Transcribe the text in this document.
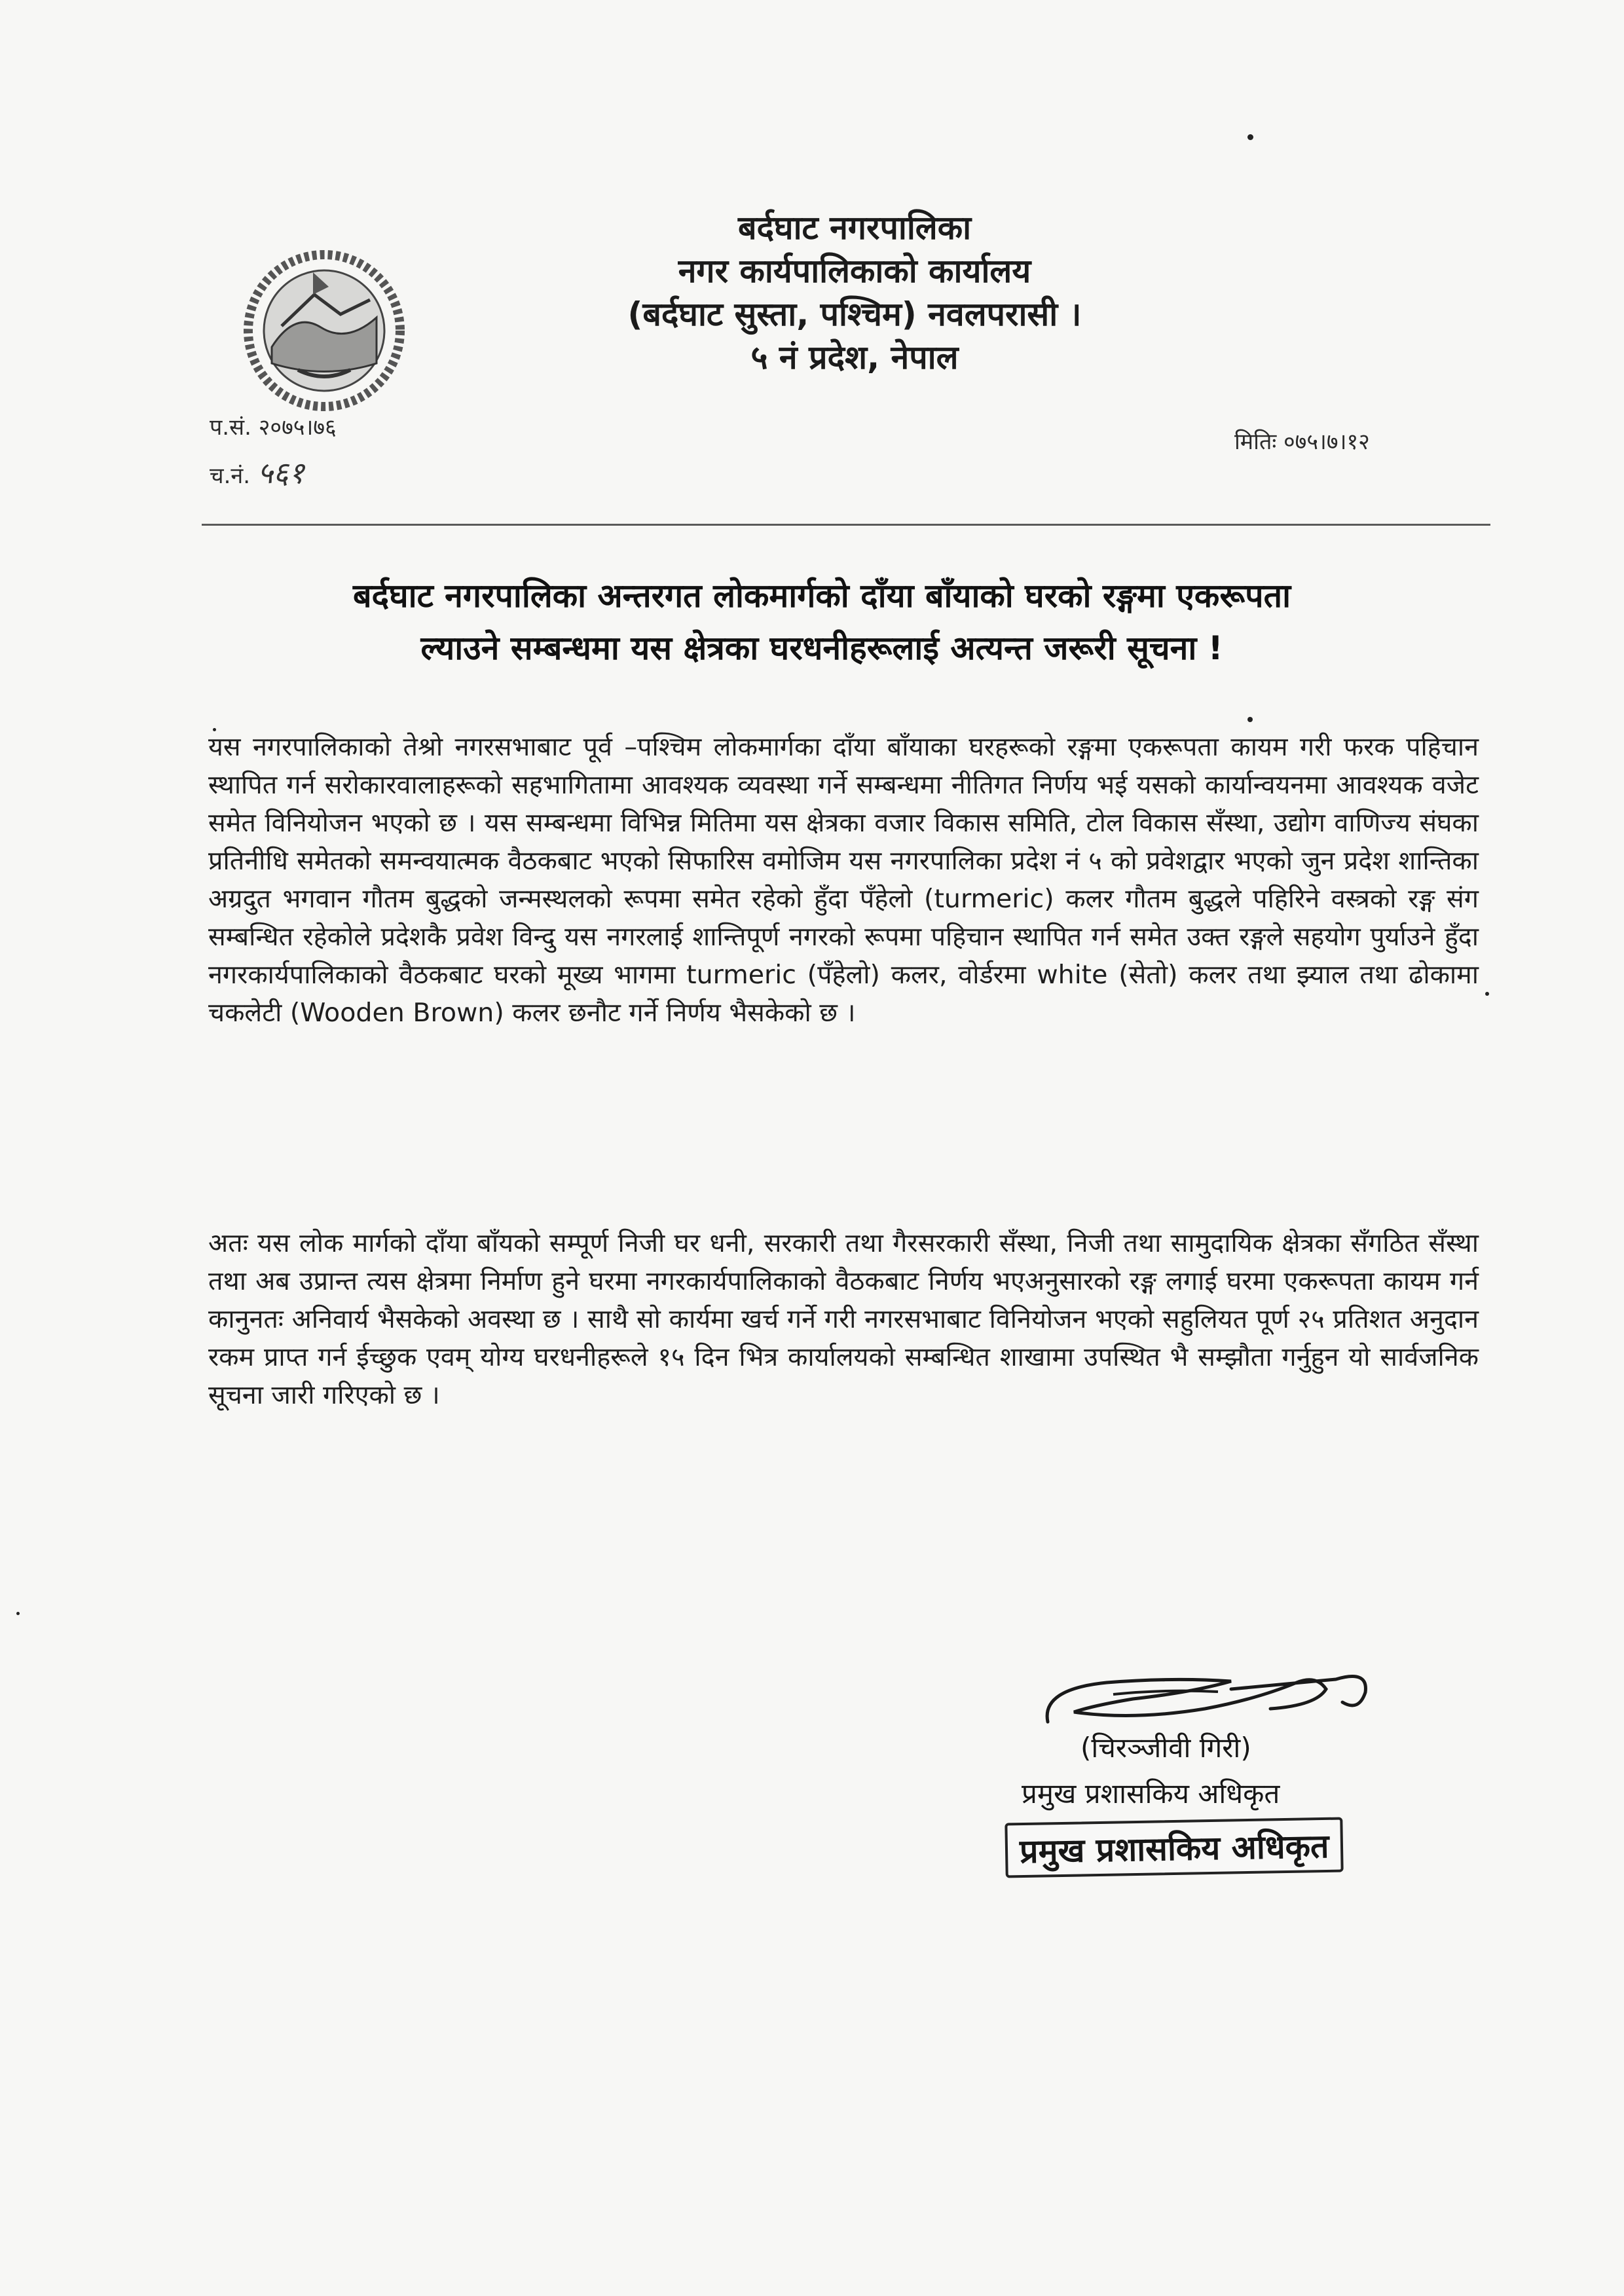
बर्दघाट नगरपालिका
नगर कार्यपालिकाको कार्यालय
(बर्दघाट सुस्ता, पश्चिम) नवलपरासी ।
५ नं प्रदेश, नेपाल
प.सं. २०७५।७६
च.नं. ५६१
मितिः ०७५।७।१२
बर्दघाट नगरपालिका अन्तरगत लोकमार्गको दाँया बाँयाको घरको रङ्गमा एकरूपता
ल्याउने सम्बन्धमा यस क्षेत्रका घरधनीहरूलाई अत्यन्त जरूरी सूचना !
यस नगरपालिकाको तेश्रो नगरसभाबाट पूर्व –पश्चिम लोकमार्गका दाँया बाँयाका घरहरूको रङ्गमा एकरूपता कायम गरी फरक पहिचान स्थापित गर्न सरोकारवालाहरूको सहभागितामा आवश्यक व्यवस्था गर्ने सम्बन्धमा नीतिगत निर्णय भई यसको कार्यान्वयनमा आवश्यक वजेट समेत विनियोजन भएको छ । यस सम्बन्धमा विभिन्न मितिमा यस क्षेत्रका वजार विकास समिति, टोल विकास सँस्था, उद्योग वाणिज्य संघका प्रतिनीधि समेतको समन्वयात्मक वैठकबाट भएको सिफारिस वमोजिम यस नगरपालिका प्रदेश नं ५ को प्रवेशद्वार भएको जुन प्रदेश शान्तिका अग्रदुत भगवान गौतम बुद्धको जन्मस्थलको रूपमा समेत रहेको हुँदा पँहेलो (turmeric) कलर गौतम बुद्धले पहिरिने वस्त्रको रङ्ग संग सम्बन्धित रहेकोले प्रदेशकै प्रवेश विन्दु यस नगरलाई शान्तिपूर्ण नगरको रूपमा पहिचान स्थापित गर्न समेत उक्त रङ्गले सहयोग पुर्याउने हुँदा नगरकार्यपालिकाको वैठकबाट घरको मूख्य भागमा turmeric (पँहेलो) कलर, वोर्डरमा white (सेतो) कलर तथा झ्याल तथा ढोकामा चकलेटी (Wooden Brown) कलर छनौट गर्ने निर्णय भैसकेको छ ।
अतः यस लोक मार्गको दाँया बाँयको सम्पूर्ण निजी घर धनी, सरकारी तथा गैरसरकारी सँस्था, निजी तथा सामुदायिक क्षेत्रका सँगठित सँस्था तथा अब उप्रान्त त्यस क्षेत्रमा निर्माण हुने घरमा नगरकार्यपालिकाको वैठकबाट निर्णय भएअनुसारको रङ्ग लगाई घरमा एकरूपता कायम गर्न कानुनतः अनिवार्य भैसकेको अवस्था छ । साथै सो कार्यमा खर्च गर्ने गरी नगरसभाबाट विनियोजन भएको सहुलियत पूर्ण २५ प्रतिशत अनुदान रकम प्राप्त गर्न ईच्छुक एवम् योग्य घरधनीहरूले १५ दिन भित्र कार्यालयको सम्बन्धित शाखामा उपस्थित भै सम्झौता गर्नुहुन यो सार्वजनिक सूचना जारी गरिएको छ ।
(चिरञ्जीवी गिरी)
प्रमुख प्रशासकिय अधिकृत
प्रमुख प्रशासकिय अधिकृत
